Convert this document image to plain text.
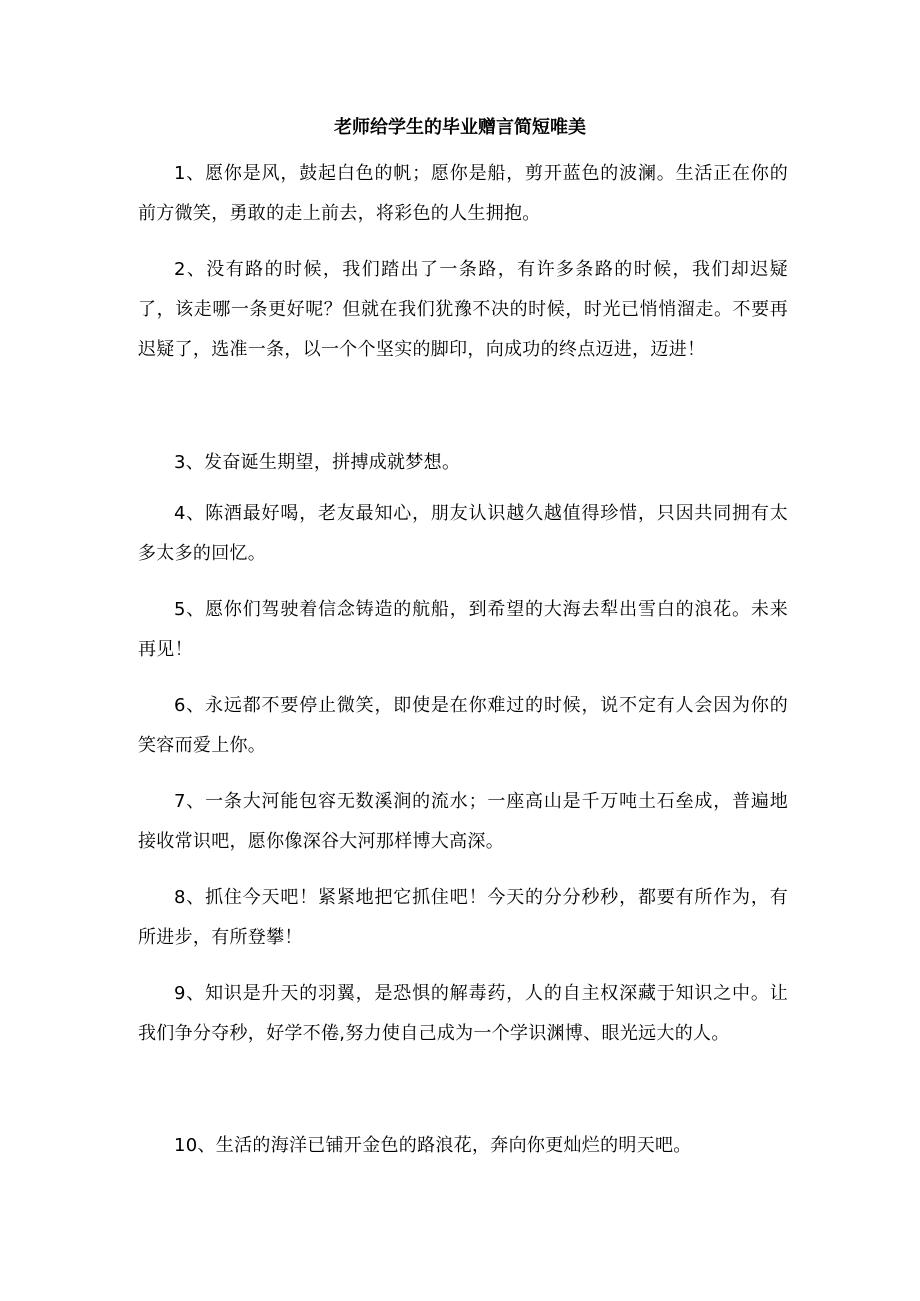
老师给学生的毕业赠言简短唯美

1、愿你是风，鼓起白色的帆；愿你是船，剪开蓝色的波澜。生活正在你的前方微笑，勇敢的走上前去，将彩色的人生拥抱。

2、没有路的时候，我们踏出了一条路，有许多条路的时候，我们却迟疑了，该走哪一条更好呢？但就在我们犹豫不决的时候，时光已悄悄溜走。不要再迟疑了，选准一条，以一个个坚实的脚印，向成功的终点迈进，迈进！

3、发奋诞生期望，拼搏成就梦想。

4、陈酒最好喝，老友最知心，朋友认识越久越值得珍惜，只因共同拥有太多太多的回忆。

5、愿你们驾驶着信念铸造的航船，到希望的大海去犁出雪白的浪花。未来再见！

6、永远都不要停止微笑，即使是在你难过的时候，说不定有人会因为你的笑容而爱上你。

7、一条大河能包容无数溪涧的流水；一座高山是千万吨土石垒成，普遍地接收常识吧，愿你像深谷大河那样博大高深。

8、抓住今天吧！紧紧地把它抓住吧！今天的分分秒秒，都要有所作为，有所进步，有所登攀！

9、知识是升天的羽翼，是恐惧的解毒药，人的自主权深藏于知识之中。让我们争分夺秒，好学不倦,努力使自己成为一个学识渊博、眼光远大的人。

10、生活的海洋已铺开金色的路浪花，奔向你更灿烂的明天吧。
